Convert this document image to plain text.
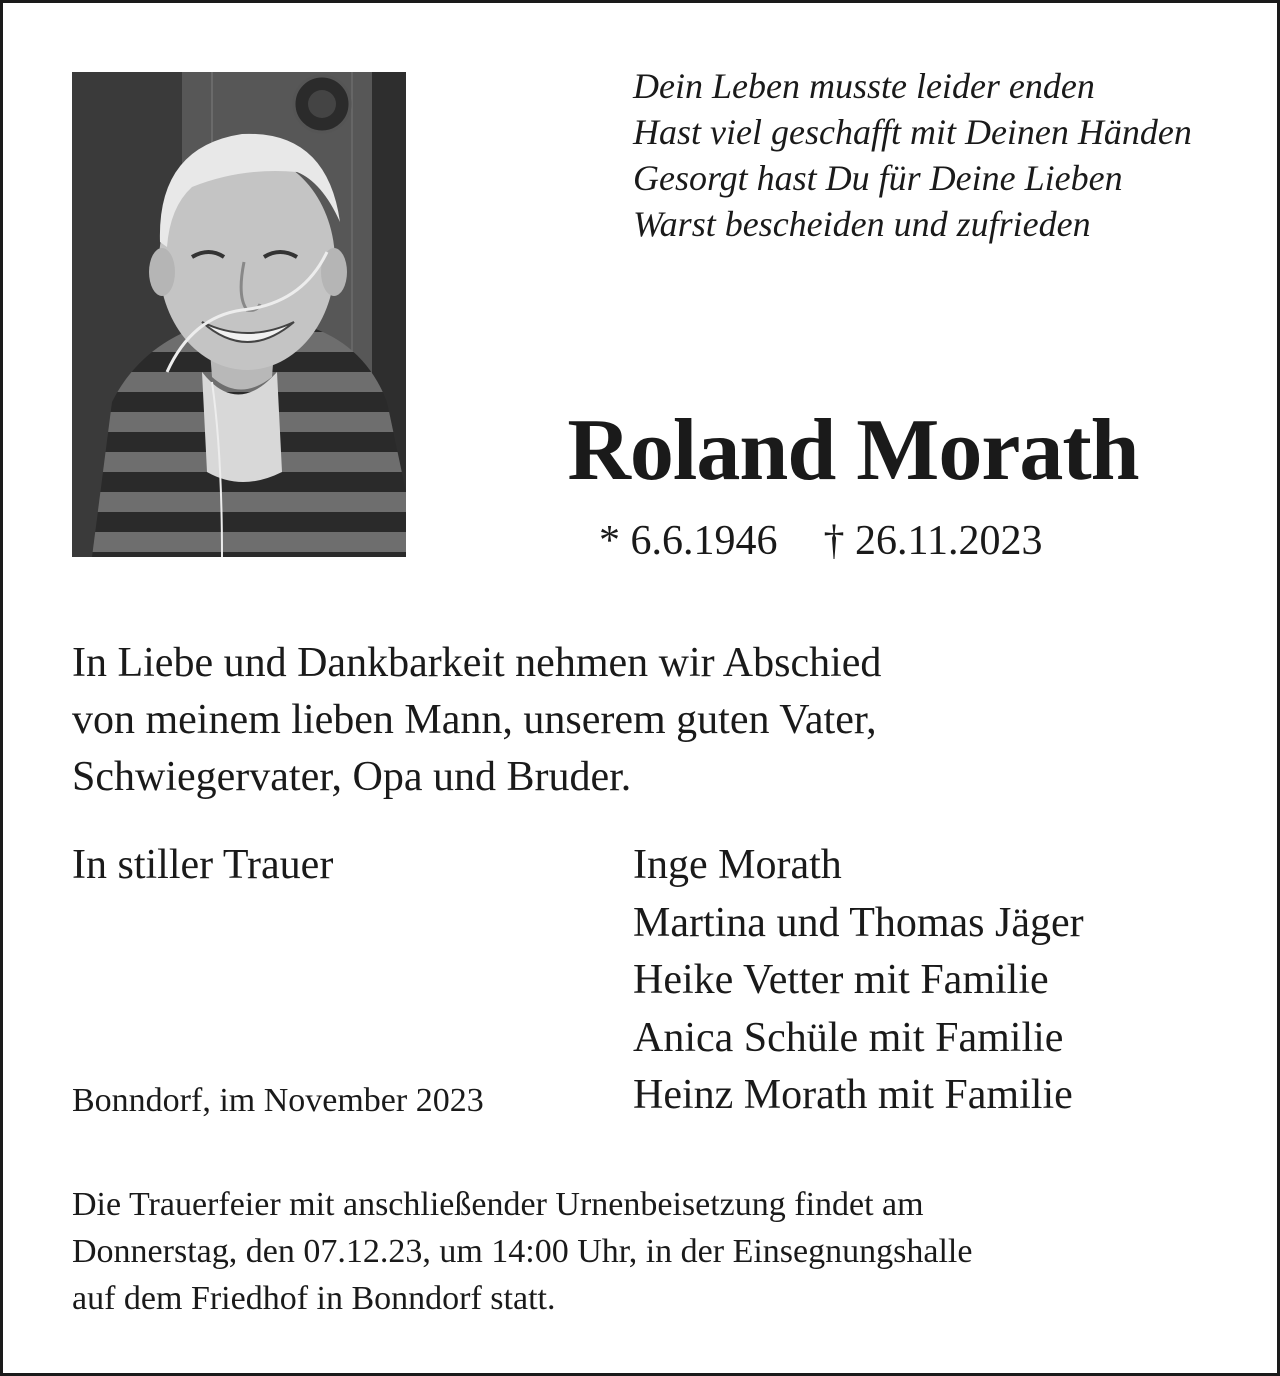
Dein Leben musste leider enden
Hast viel geschafft mit Deinen Händen
Gesorgt hast Du für Deine Lieben
Warst bescheiden und zufrieden
Roland Morath
* 6.6.1946 † 26.11.2023
In Liebe und Dankbarkeit nehmen wir Abschied
von meinem lieben Mann, unserem guten Vater,
Schwiegervater, Opa und Bruder.
In stiller Trauer	Inge Morath
Martina und Thomas Jäger
Heike Vetter mit Familie
Anica Schüle mit Familie
Heinz Morath mit Familie
Bonndorf, im November 2023
Die Trauerfeier mit anschließender Urnenbeisetzung findet am
Donnerstag, den 07.12.23, um 14:00 Uhr, in der Einsegnungshalle
auf dem Friedhof in Bonndorf statt.
